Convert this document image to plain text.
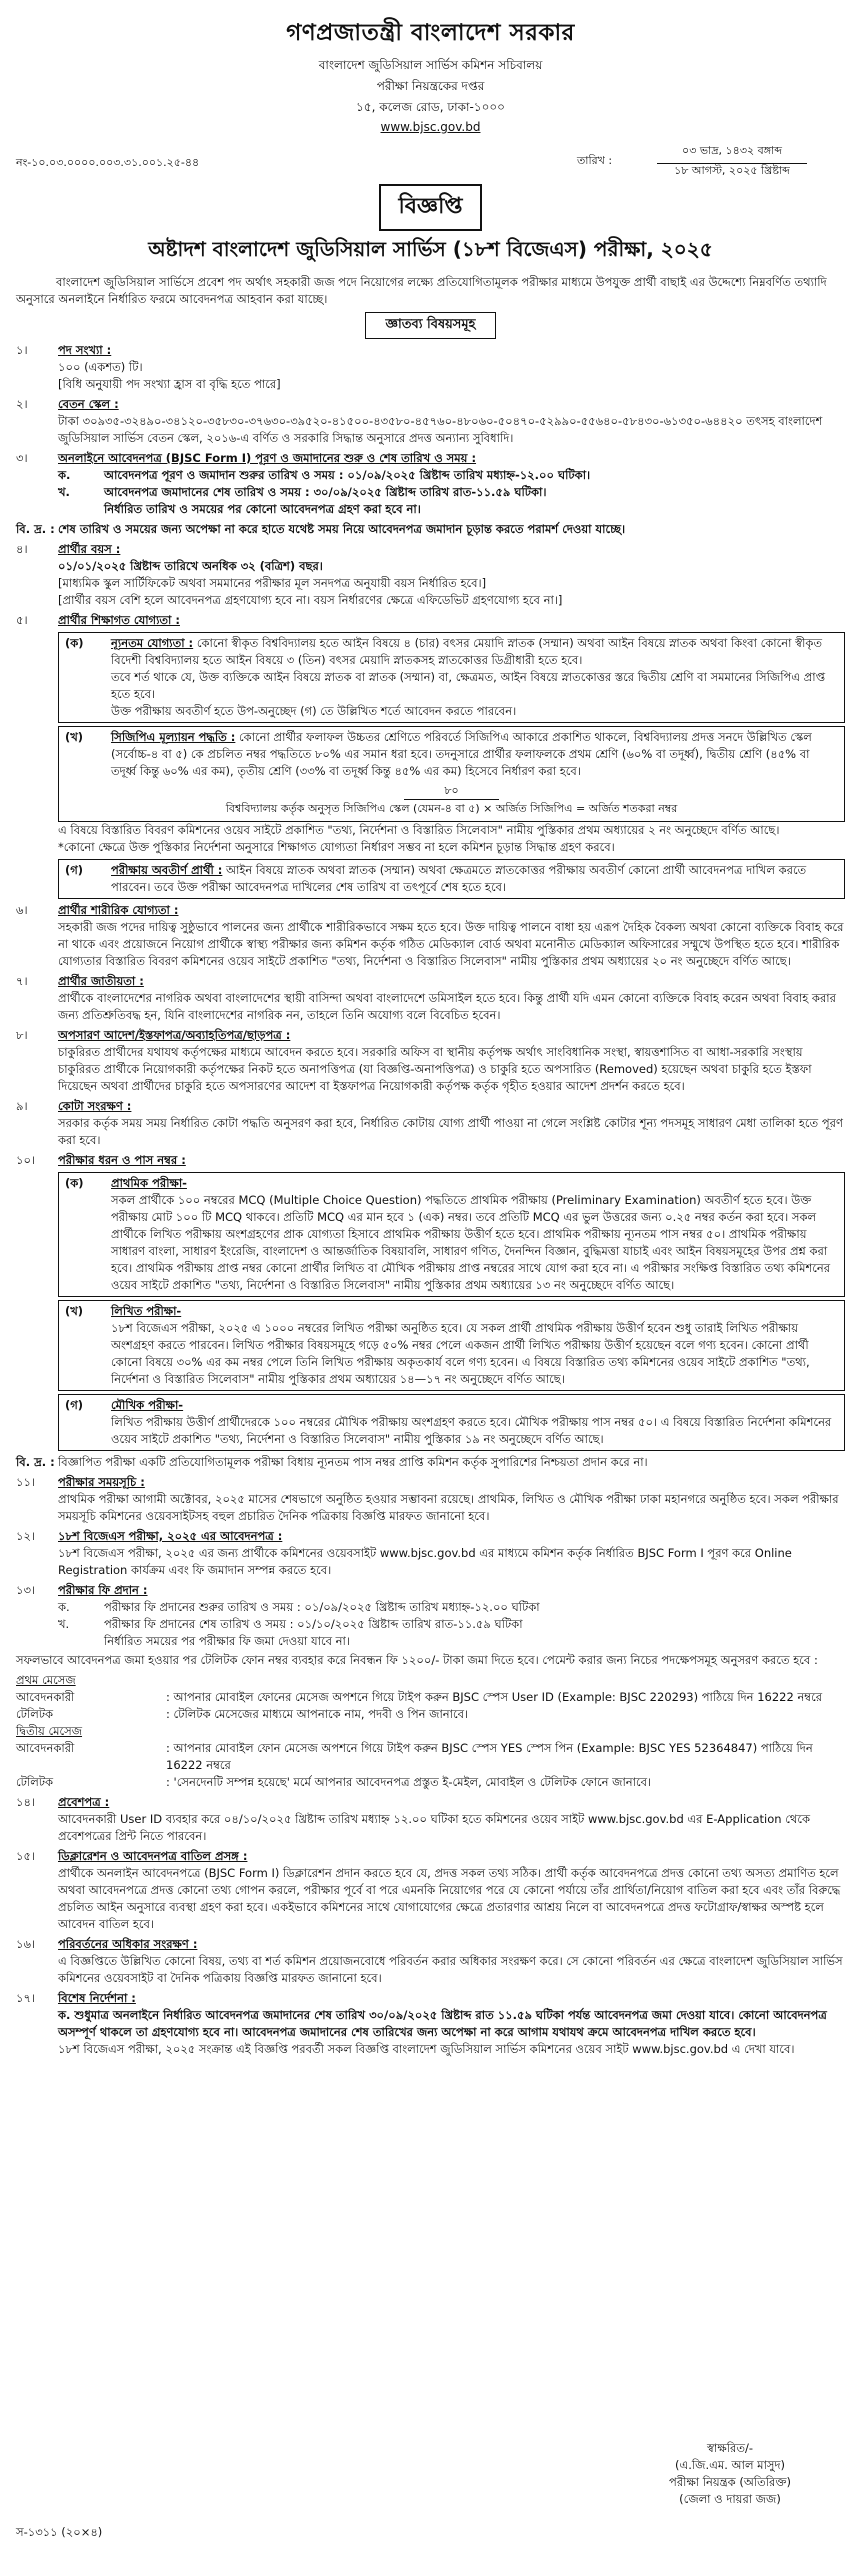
গণপ্রজাতন্ত্রী বাংলাদেশ সরকার
বাংলাদেশ জুডিসিয়াল সার্ভিস কমিশন সচিবালয়
পরীক্ষা নিয়ন্ত্রকের দপ্তর
১৫, কলেজ রোড, ঢাকা-১০০০
www.bjsc.gov.bd
নং-১০.০৩.০০০০.০০৩.৩১.০০১.২৫-৪৪	তারিখ :
০৩ ভাদ্র, ১৪৩২ বঙ্গাব্দ
১৮ আগস্ট, ২০২৫ খ্রিষ্টাব্দ
বিজ্ঞপ্তি
অষ্টাদশ বাংলাদেশ জুডিসিয়াল সার্ভিস (১৮শ বিজেএস) পরীক্ষা, ২০২৫
বাংলাদেশ জুডিসিয়াল সার্ভিসে প্রবেশ পদ অর্থাৎ সহকারী জজ পদে নিয়োগের লক্ষ্যে প্রতিযোগিতামূলক পরীক্ষার মাধ্যমে উপযুক্ত প্রার্থী বাছাই এর উদ্দেশ্যে নিম্নবর্ণিত তথ্যাদি অনুসারে অনলাইনে নির্ধারিত ফরমে আবেদনপত্র আহবান করা যাচ্ছে।
জ্ঞাতব্য বিষয়সমূহ
১।	পদ সংখ্যা :
১০০ (একশত) টি।
[বিধি অনুযায়ী পদ সংখ্যা হ্রাস বা বৃদ্ধি হতে পারে]
২।	বেতন স্কেল :
টাকা ৩০৯৩৫-৩২৪৯০-৩৪১২০-৩৫৮৩০-৩৭৬৩০-৩৯৫২০-৪১৫০০-৪৩৫৮০-৪৫৭৬০-৪৮০৬০-৫০৪৭০-৫২৯৯০-৫৫৬৪০-৫৮৪৩০-৬১৩৫০-৬৪৪২০ তৎসহ বাংলাদেশ জুডিসিয়াল সার্ভিস বেতন স্কেল, ২০১৬-এ বর্ণিত ও সরকারি সিদ্ধান্ত অনুসারে প্রদত্ত অন্যান্য সুবিধাদি।
৩।	অনলাইনে আবেদনপত্র (BJSC Form I) পূরণ ও জমাদানের শুরু ও শেষ তারিখ ও সময় :
ক.	আবেদনপত্র পূরণ ও জমাদান শুরুর তারিখ ও সময় : ০১/০৯/২০২৫ খ্রিষ্টাব্দ তারিখ মধ্যাহ্ন-১২.০০ ঘটিকা।
খ.	আবেদনপত্র জমাদানের শেষ তারিখ ও সময় : ৩০/০৯/২০২৫ খ্রিষ্টাব্দ তারিখ রাত-১১.৫৯ ঘটিকা।
নির্ধারিত তারিখ ও সময়ের পর কোনো আবেদনপত্র গ্রহণ করা হবে না।
বি. দ্র. : শেষ তারিখ ও সময়ের জন্য অপেক্ষা না করে হাতে যথেষ্ট সময় নিয়ে আবেদনপত্র জমাদান চূড়ান্ত করতে পরামর্শ দেওয়া যাচ্ছে।
৪।	প্রার্থীর বয়স :
০১/০১/২০২৫ খ্রিষ্টাব্দ তারিখে অনধিক ৩২ (বত্রিশ) বছর।
[মাধ্যমিক স্কুল সার্টিফিকেট অথবা সমমানের পরীক্ষার মূল সনদপত্র অনুযায়ী বয়স নির্ধারিত হবে।]
[প্রার্থীর বয়স বেশি হলে আবেদনপত্র গ্রহণযোগ্য হবে না। বয়স নির্ধারণের ক্ষেত্রে এফিডেভিট গ্রহণযোগ্য হবে না।]
৫।	প্রার্থীর শিক্ষাগত যোগ্যতা :
(ক)	ন্যূনতম যোগ্যতা : কোনো স্বীকৃত বিশ্ববিদ্যালয় হতে আইন বিষয়ে ৪ (চার) বৎসর মেয়াদি স্নাতক (সম্মান) অথবা আইন বিষয়ে স্নাতক অথবা কিংবা কোনো স্বীকৃত বিদেশী বিশ্ববিদ্যালয় হতে আইন বিষয়ে ৩ (তিন) বৎসর মেয়াদি স্নাতকসহ স্নাতকোত্তর ডিগ্রীধারী হতে হবে।
তবে শর্ত থাকে যে, উক্ত ব্যক্তিকে আইন বিষয়ে স্নাতক বা স্নাতক (সম্মান) বা, ক্ষেত্রমত, আইন বিষয়ে স্নাতকোত্তর স্তরে দ্বিতীয় শ্রেণি বা সমমানের সিজিপিএ প্রাপ্ত হতে হবে।
উক্ত পরীক্ষায় অবতীর্ণ হতে উপ-অনুচ্ছেদ (গ) তে উল্লিখিত শর্তে আবেদন করতে পারবেন।
(খ)	সিজিপিএ মূল্যায়ন পদ্ধতি : কোনো প্রার্থীর ফলাফল উচ্চতর শ্রেণিতে পরিবর্তে সিজিপিএ আকারে প্রকাশিত থাকলে, বিশ্ববিদ্যালয় প্রদত্ত সনদে উল্লিখিত স্কেল (সর্বোচ্চ-৪ বা ৫) কে প্রচলিত নম্বর পদ্ধতিতে ৮০% এর সমান ধরা হবে। তদনুসারে প্রার্থীর ফলাফলকে প্রথম শ্রেণি (৬০% বা তদূর্ধ্ব), দ্বিতীয় শ্রেণি (৪৫% বা তদূর্ধ্ব কিন্তু ৬০% এর কম), তৃতীয় শ্রেণি (৩৩% বা তদূর্ধ্ব কিন্তু ৪৫% এর কম) হিসেবে নির্ধারণ করা হবে।
৮০
বিশ্ববিদ্যালয় কর্তৃক অনুসৃত সিজিপিএ স্কেল (যেমন-৪ বা ৫) × অর্জিত সিজিপিএ = অর্জিত শতকরা নম্বর
এ বিষয়ে বিস্তারিত বিবরণ কমিশনের ওয়েব সাইটে প্রকাশিত "তথ্য, নির্দেশনা ও বিস্তারিত সিলেবাস" নামীয় পুস্তিকার প্রথম অধ্যায়ের ২ নং অনুচ্ছেদে বর্ণিত আছে।
*কোনো ক্ষেত্রে উক্ত পুস্তিকার নির্দেশনা অনুসারে শিক্ষাগত যোগ্যতা নির্ধারণ সম্ভব না হলে কমিশন চূড়ান্ত সিদ্ধান্ত গ্রহণ করবে।
(গ)	পরীক্ষায় অবতীর্ণ প্রার্থী : আইন বিষয়ে স্নাতক অথবা স্নাতক (সম্মান) অথবা ক্ষেত্রমতে স্নাতকোত্তর পরীক্ষায় অবতীর্ণ কোনো প্রার্থী আবেদনপত্র দাখিল করতে পারবেন। তবে উক্ত পরীক্ষা আবেদনপত্র দাখিলের শেষ তারিখ বা তৎপূর্বে শেষ হতে হবে।
৬।	প্রার্থীর শারীরিক যোগ্যতা :
সহকারী জজ পদের দায়িত্ব সুষ্ঠুভাবে পালনের জন্য প্রার্থীকে শারীরিকভাবে সক্ষম হতে হবে। উক্ত দায়িত্ব পালনে বাধা হয় এরূপ দৈহিক বৈকল্য অথবা কোনো ব্যক্তিকে বিবাহ করে না থাকে এবং প্রয়োজনে নিয়োগ প্রার্থীকে স্বাস্থ্য পরীক্ষার জন্য কমিশন কর্তৃক গঠিত মেডিক্যাল বোর্ড অথবা মনোনীত মেডিক্যাল অফিসারের সম্মুখে উপস্থিত হতে হবে। শারীরিক যোগ্যতার বিস্তারিত বিবরণ কমিশনের ওয়েব সাইটে প্রকাশিত "তথ্য, নির্দেশনা ও বিস্তারিত সিলেবাস" নামীয় পুস্তিকার প্রথম অধ্যায়ের ২০ নং অনুচ্ছেদে বর্ণিত আছে।
৭।	প্রার্থীর জাতীয়তা :
প্রার্থীকে বাংলাদেশের নাগরিক অথবা বাংলাদেশের স্থায়ী বাসিন্দা অথবা বাংলাদেশে ডমিসাইল হতে হবে। কিন্তু প্রার্থী যদি এমন কোনো ব্যক্তিকে বিবাহ করেন অথবা বিবাহ করার জন্য প্রতিশ্রুতিবদ্ধ হন, যিনি বাংলাদেশের নাগরিক নন, তাহলে তিনি অযোগ্য বলে বিবেচিত হবেন।
৮।	অপসারণ আদেশ/ইস্তফাপত্র/অব্যাহতিপত্র/ছাড়পত্র :
চাকুরিরত প্রার্থীদের যথাযথ কর্তৃপক্ষের মাধ্যমে আবেদন করতে হবে। সরকারি অফিস বা স্থানীয় কর্তৃপক্ষ অর্থাৎ সাংবিধানিক সংস্থা, স্বায়ত্তশাসিত বা আধা-সরকারি সংস্থায় চাকুরিরত প্রার্থীকে নিয়োগকারী কর্তৃপক্ষের নিকট হতে অনাপত্তিপত্র (যা বিজ্ঞপ্তি-অনাপত্তিপত্র) ও চাকুরি হতে অপসারিত (Removed) হয়েছেন অথবা চাকুরি হতে ইস্তফা দিয়েছেন অথবা প্রার্থীদের চাকুরি হতে অপসারণের আদেশ বা ইস্তফাপত্র নিয়োগকারী কর্তৃপক্ষ কর্তৃক গৃহীত হওয়ার আদেশ প্রদর্শন করতে হবে।
৯।	কোটা সংরক্ষণ :
সরকার কর্তৃক সময় সময় নির্ধারিত কোটা পদ্ধতি অনুসরণ করা হবে, নির্ধারিত কোটায় যোগ্য প্রার্থী পাওয়া না গেলে সংশ্লিষ্ট কোটার শূন্য পদসমূহ সাধারণ মেধা তালিকা হতে পূরণ করা হবে।
১০।	পরীক্ষার ধরন ও পাস নম্বর :
(ক)	প্রাথমিক পরীক্ষা-
সকল প্রার্থীকে ১০০ নম্বরের MCQ (Multiple Choice Question) পদ্ধতিতে প্রাথমিক পরীক্ষায় (Preliminary Examination) অবতীর্ণ হতে হবে। উক্ত পরীক্ষায় মোট ১০০ টি MCQ থাকবে। প্রতিটি MCQ এর মান হবে ১ (এক) নম্বর। তবে প্রতিটি MCQ এর ভুল উত্তরের জন্য ০.২৫ নম্বর কর্তন করা হবে। সকল প্রার্থীকে লিখিত পরীক্ষায় অংশগ্রহণের প্রাক যোগ্যতা হিসাবে প্রাথমিক পরীক্ষায় উত্তীর্ণ হতে হবে। প্রাথমিক পরীক্ষায় ন্যূনতম পাস নম্বর ৫০। প্রাথমিক পরীক্ষায় সাধারণ বাংলা, সাধারণ ইংরেজি, বাংলাদেশ ও আন্তর্জাতিক বিষয়াবলি, সাধারণ গণিত, দৈনন্দিন বিজ্ঞান, বুদ্ধিমত্তা যাচাই এবং আইন বিষয়সমূহের উপর প্রশ্ন করা হবে। প্রাথমিক পরীক্ষায় প্রাপ্ত নম্বর কোনো প্রার্থীর লিখিত বা মৌখিক পরীক্ষায় প্রাপ্ত নম্বরের সাথে যোগ করা হবে না। এ পরীক্ষার সংক্ষিপ্ত বিস্তারিত তথ্য কমিশনের ওয়েব সাইটে প্রকাশিত "তথ্য, নির্দেশনা ও বিস্তারিত সিলেবাস" নামীয় পুস্তিকার প্রথম অধ্যায়ের ১৩ নং অনুচ্ছেদে বর্ণিত আছে।
(খ)	লিখিত পরীক্ষা-
১৮শ বিজেএস পরীক্ষা, ২০২৫ এ ১০০০ নম্বরের লিখিত পরীক্ষা অনুষ্ঠিত হবে। যে সকল প্রার্থী প্রাথমিক পরীক্ষায় উত্তীর্ণ হবেন শুধু তারাই লিখিত পরীক্ষায় অংশগ্রহণ করতে পারবেন। লিখিত পরীক্ষার বিষয়সমূহে গড়ে ৫০% নম্বর পেলে একজন প্রার্থী লিখিত পরীক্ষায় উত্তীর্ণ হয়েছেন বলে গণ্য হবেন। কোনো প্রার্থী কোনো বিষয়ে ৩০% এর কম নম্বর পেলে তিনি লিখিত পরীক্ষায় অকৃতকার্য বলে গণ্য হবেন। এ বিষয়ে বিস্তারিত তথ্য কমিশনের ওয়েব সাইটে প্রকাশিত "তথ্য, নির্দেশনা ও বিস্তারিত সিলেবাস" নামীয় পুস্তিকার প্রথম অধ্যায়ের ১৪—১৭ নং অনুচ্ছেদে বর্ণিত আছে।
(গ)	মৌখিক পরীক্ষা-
লিখিত পরীক্ষায় উত্তীর্ণ প্রার্থীদেরকে ১০০ নম্বরের মৌখিক পরীক্ষায় অংশগ্রহণ করতে হবে। মৌখিক পরীক্ষায় পাস নম্বর ৫০। এ বিষয়ে বিস্তারিত নির্দেশনা কমিশনের ওয়েব সাইটে প্রকাশিত "তথ্য, নির্দেশনা ও বিস্তারিত সিলেবাস" নামীয় পুস্তিকার ১৯ নং অনুচ্ছেদে বর্ণিত আছে।
বি. দ্র. : বিজ্ঞাপিত পরীক্ষা একটি প্রতিযোগিতামূলক পরীক্ষা বিধায় ন্যূনতম পাস নম্বর প্রাপ্তি কমিশন কর্তৃক সুপারিশের নিশ্চয়তা প্রদান করে না।
১১।	পরীক্ষার সময়সূচি :
প্রাথমিক পরীক্ষা আগামী অক্টোবর, ২০২৫ মাসের শেষভাগে অনুষ্ঠিত হওয়ার সম্ভাবনা রয়েছে। প্রাথমিক, লিখিত ও মৌখিক পরীক্ষা ঢাকা মহানগরে অনুষ্ঠিত হবে। সকল পরীক্ষার সময়সূচি কমিশনের ওয়েবসাইটসহ বহুল প্রচারিত দৈনিক পত্রিকায় বিজ্ঞপ্তি মারফত জানানো হবে।
১২।	১৮শ বিজেএস পরীক্ষা, ২০২৫ এর আবেদনপত্র :
১৮শ বিজেএস পরীক্ষা, ২০২৫ এর জন্য প্রার্থীকে কমিশনের ওয়েবসাইট www.bjsc.gov.bd এর মাধ্যমে কমিশন কর্তৃক নির্ধারিত BJSC Form I পূরণ করে Online Registration কার্যক্রম এবং ফি জমাদান সম্পন্ন করতে হবে।
১৩।	পরীক্ষার ফি প্রদান :
ক.	পরীক্ষার ফি প্রদানের শুরুর তারিখ ও সময় : ০১/০৯/২০২৫ খ্রিষ্টাব্দ তারিখ মধ্যাহ্ন-১২.০০ ঘটিকা
খ.	পরীক্ষার ফি প্রদানের শেষ তারিখ ও সময় : ০১/১০/২০২৫ খ্রিষ্টাব্দ তারিখ রাত-১১.৫৯ ঘটিকা
নির্ধারিত সময়ের পর পরীক্ষার ফি জমা দেওয়া যাবে না।
সফলভাবে আবেদনপত্র জমা হওয়ার পর টেলিটক ফোন নম্বর ব্যবহার করে নিবন্ধন ফি ১২০০/- টাকা জমা দিতে হবে। পেমেন্ট করার জন্য নিচের পদক্ষেপসমূহ অনুসরণ করতে হবে :
প্রথম মেসেজ
আবেদনকারী	: আপনার মোবাইল ফোনের মেসেজ অপশনে গিয়ে টাইপ করুন BJSC স্পেস User ID (Example: BJSC 220293) পাঠিয়ে দিন 16222 নম্বরে
টেলিটক	: টেলিটক মেসেজের মাধ্যমে আপনাকে নাম, পদবী ও পিন জানাবে।
দ্বিতীয় মেসেজ
আবেদনকারী	: আপনার মোবাইল ফোন মেসেজ অপশনে গিয়ে টাইপ করুন BJSC স্পেস YES স্পেস পিন (Example: BJSC YES 52364847) পাঠিয়ে দিন 16222 নম্বরে
টেলিটক	: 'সেনদেনটি সম্পন্ন হয়েছে' মর্মে আপনার আবেদনপত্র প্রস্তুত ই-মেইল, মোবাইল ও টেলিটক ফোনে জানাবে।
১৪।	প্রবেশপত্র :
আবেদনকারী User ID ব্যবহার করে ০৪/১০/২০২৫ খ্রিষ্টাব্দ তারিখ মধ্যাহ্ন ১২.০০ ঘটিকা হতে কমিশনের ওয়েব সাইট www.bjsc.gov.bd এর E-Application থেকে প্রবেশপত্রের প্রিন্ট নিতে পারবেন।
১৫।	ডিক্লারেশন ও আবেদনপত্র বাতিল প্রসঙ্গ :
প্রার্থীকে অনলাইন আবেদনপত্রে (BJSC Form I) ডিক্লারেশন প্রদান করতে হবে যে, প্রদত্ত সকল তথ্য সঠিক। প্রার্থী কর্তৃক আবেদনপত্রে প্রদত্ত কোনো তথ্য অসত্য প্রমাণিত হলে অথবা আবেদনপত্রে প্রদত্ত কোনো তথ্য গোপন করলে, পরীক্ষার পূর্বে বা পরে এমনকি নিয়োগের পরে যে কোনো পর্যায়ে তাঁর প্রার্থিতা/নিয়োগ বাতিল করা হবে এবং তাঁর বিরুদ্ধে প্রচলিত আইন অনুসারে ব্যবস্থা গ্রহণ করা হবে। একইভাবে কমিশনের সাথে যোগাযোগের ক্ষেত্রে প্রতারণার আশ্রয় নিলে বা আবেদনপত্রে প্রদত্ত ফটোগ্রাফ/স্বাক্ষর অস্পষ্ট হলে আবেদন বাতিল হবে।
১৬।	পরিবর্তনের অধিকার সংরক্ষণ :
এ বিজ্ঞপ্তিতে উল্লিখিত কোনো বিষয়, তথ্য বা শর্ত কমিশন প্রয়োজনবোধে পরিবর্তন করার অধিকার সংরক্ষণ করে। সে কোনো পরিবর্তন এর ক্ষেত্রে বাংলাদেশ জুডিসিয়াল সার্ভিস কমিশনের ওয়েবসাইট বা দৈনিক পত্রিকায় বিজ্ঞপ্তি মারফত জানানো হবে।
১৭।	বিশেষ নির্দেশনা :
ক. শুধুমাত্র অনলাইনে নির্ধারিত আবেদনপত্র জমাদানের শেষ তারিখ ৩০/০৯/২০২৫ খ্রিষ্টাব্দ রাত ১১.৫৯ ঘটিকা পর্যন্ত আবেদনপত্র জমা দেওয়া যাবে। কোনো আবেদনপত্র অসম্পূর্ণ থাকলে তা গ্রহণযোগ্য হবে না। আবেদনপত্র জমাদানের শেষ তারিখের জন্য অপেক্ষা না করে আগাম যথাযথ ক্রমে আবেদনপত্র দাখিল করতে হবে।
১৮শ বিজেএস পরীক্ষা, ২০২৫ সংক্রান্ত এই বিজ্ঞপ্তি পরবর্তী সকল বিজ্ঞপ্তি বাংলাদেশ জুডিসিয়াল সার্ভিস কমিশনের ওয়েব সাইট www.bjsc.gov.bd এ দেখা যাবে।
স্বাক্ষরিত/-
(এ.জি.এম. আল মাসুদ)
পরীক্ষা নিয়ন্ত্রক (অতিরিক্ত)
(জেলা ও দায়রা জজ)
স-১৩১১ (২০×৪)
